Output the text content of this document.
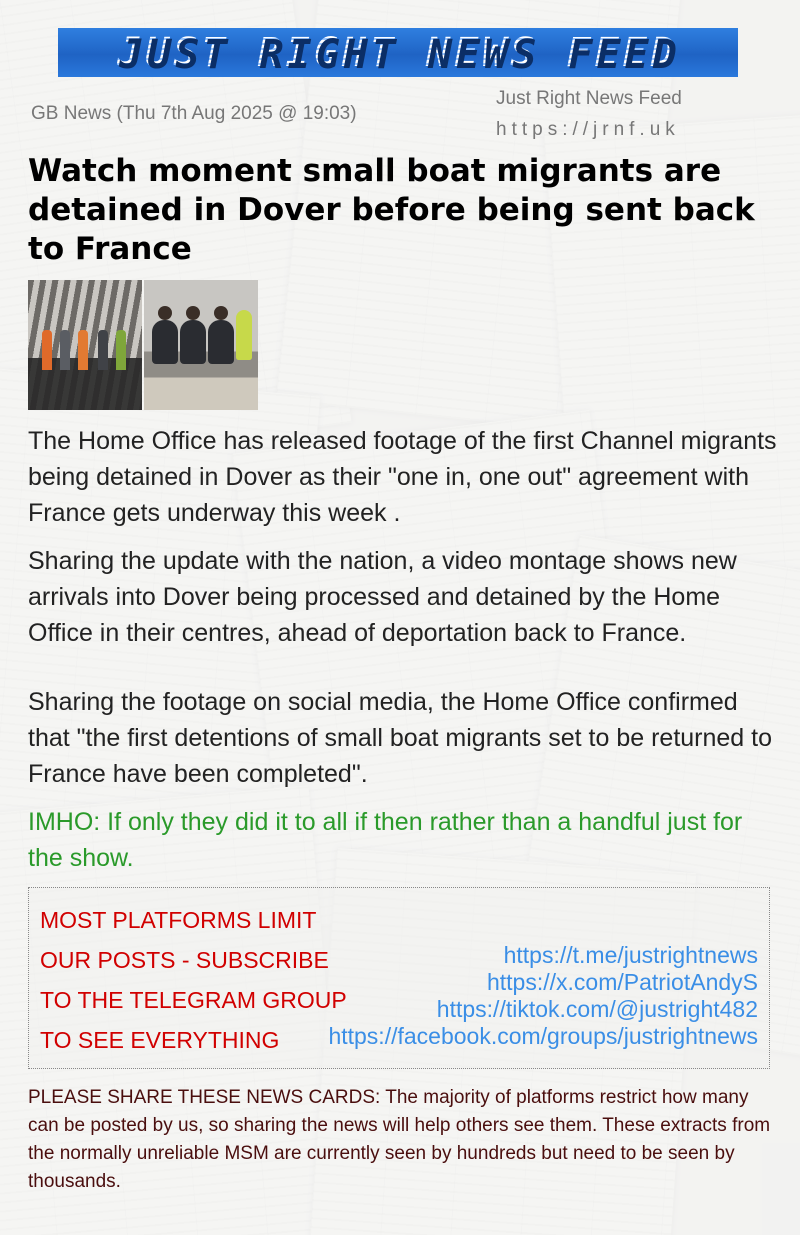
JUST RIGHT NEWS FEED
GB News (Thu 7th Aug 2025 @ 19:03)
Just Right News Feed
https://jrnf.uk
Watch moment small boat migrants are detained in Dover before being sent back to France

The Home Office has released footage of the first Channel migrants being detained in Dover as their "one in, one out" agreement with France gets underway this week .

Sharing the update with the nation, a video montage shows new arrivals into Dover being processed and detained by the Home Office in their centres, ahead of deportation back to France.

Sharing the footage on social media, the Home Office confirmed that "the first detentions of small boat migrants set to be returned to France have been completed".

IMHO: If only they did it to all if then rather than a handful just for the show.

MOST PLATFORMS LIMIT
OUR POSTS - SUBSCRIBE
TO THE TELEGRAM GROUP
TO SEE EVERYTHING
https://t.me/justrightnews
https://x.com/PatriotAndyS
https://tiktok.com/@justright482
https://facebook.com/groups/justrightnews

PLEASE SHARE THESE NEWS CARDS: The majority of platforms restrict how many can be posted by us, so sharing the news will help others see them. These extracts from the normally unreliable MSM are currently seen by hundreds but need to be seen by thousands.
